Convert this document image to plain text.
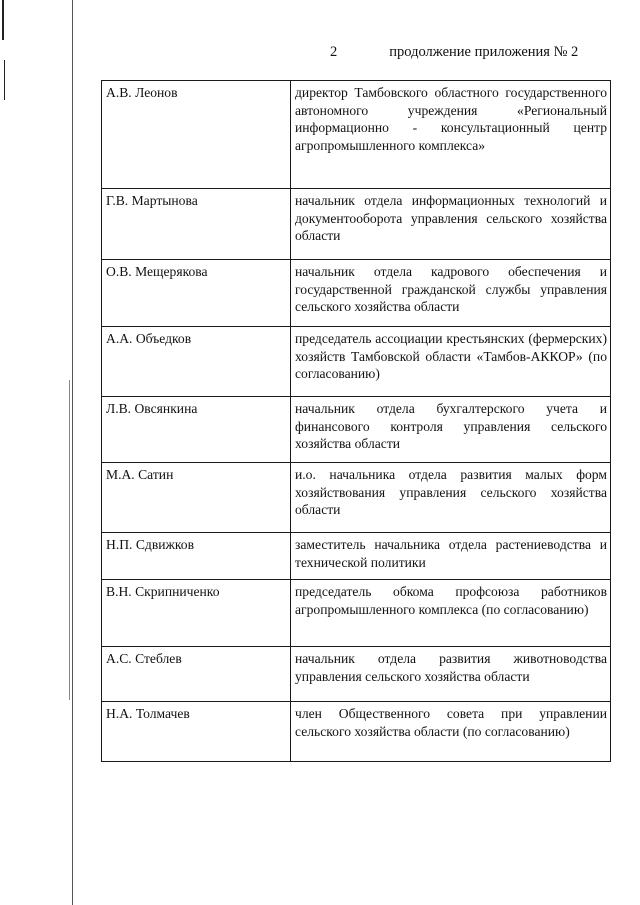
2	продолжение приложения № 2
А.В. Леонов	директор Тамбовского областного государственного автономного учреждения «Региональный информационно - консультационный центр агропромышленного комплекса»
Г.В. Мартынова	начальник отдела информационных технологий и документооборота управления сельского хозяйства области
О.В. Мещерякова	начальник отдела кадрового обеспечения и государственной гражданской службы управления сельского хозяйства области
А.А. Объедков	председатель ассоциации крестьянских (фермерских) хозяйств Тамбовской области «Тамбов-АККОР» (по согласованию)
Л.В. Овсянкина	начальник отдела бухгалтерского учета и финансового контроля управления сельского хозяйства области
М.А. Сатин	и.о. начальника отдела развития малых форм хозяйствования управления сельского хозяйства области
Н.П. Сдвижков	заместитель начальника отдела растениеводства и технической политики
В.Н. Скрипниченко	председатель обкома профсоюза работников агропромышленного комплекса (по согласованию)
А.С. Стеблев	начальник отдела развития животноводства управления сельского хозяйства области
Н.А. Толмачев	член Общественного совета при управлении сельского хозяйства области (по согласованию)
